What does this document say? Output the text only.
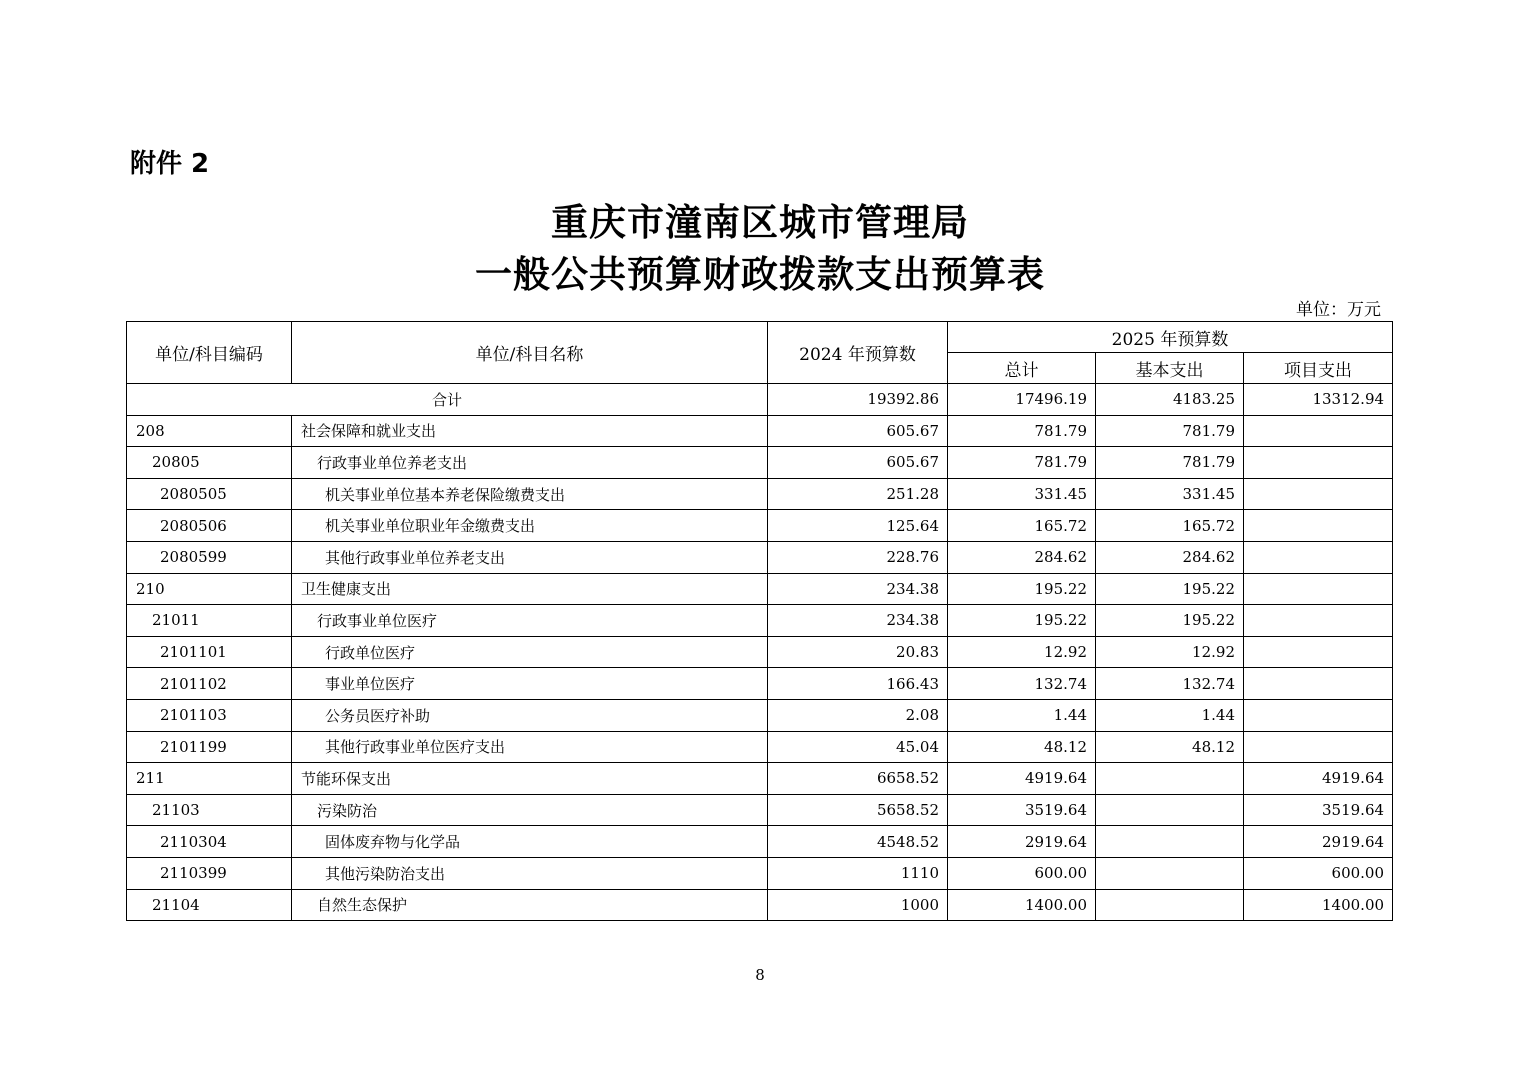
附件 2
重庆市潼南区城市管理局
一般公共预算财政拨款支出预算表
单位：万元
单位/科目编码	单位/科目名称	2024 年预算数	2025 年预算数		
			总计	基本支出	项目支出
合计		19392.86	17496.19	4183.25	13312.94
208	社会保障和就业支出	605.67	781.79	781.79	
20805	行政事业单位养老支出	605.67	781.79	781.79	
2080505	机关事业单位基本养老保险缴费支出	251.28	331.45	331.45	
2080506	机关事业单位职业年金缴费支出	125.64	165.72	165.72	
2080599	其他行政事业单位养老支出	228.76	284.62	284.62	
210	卫生健康支出	234.38	195.22	195.22	
21011	行政事业单位医疗	234.38	195.22	195.22	
2101101	行政单位医疗	20.83	12.92	12.92	
2101102	事业单位医疗	166.43	132.74	132.74	
2101103	公务员医疗补助	2.08	1.44	1.44	
2101199	其他行政事业单位医疗支出	45.04	48.12	48.12	
211	节能环保支出	6658.52	4919.64		4919.64
21103	污染防治	5658.52	3519.64		3519.64
2110304	固体废弃物与化学品	4548.52	2919.64		2919.64
2110399	其他污染防治支出	1110	600.00		600.00
21104	自然生态保护	1000	1400.00		1400.00
8
